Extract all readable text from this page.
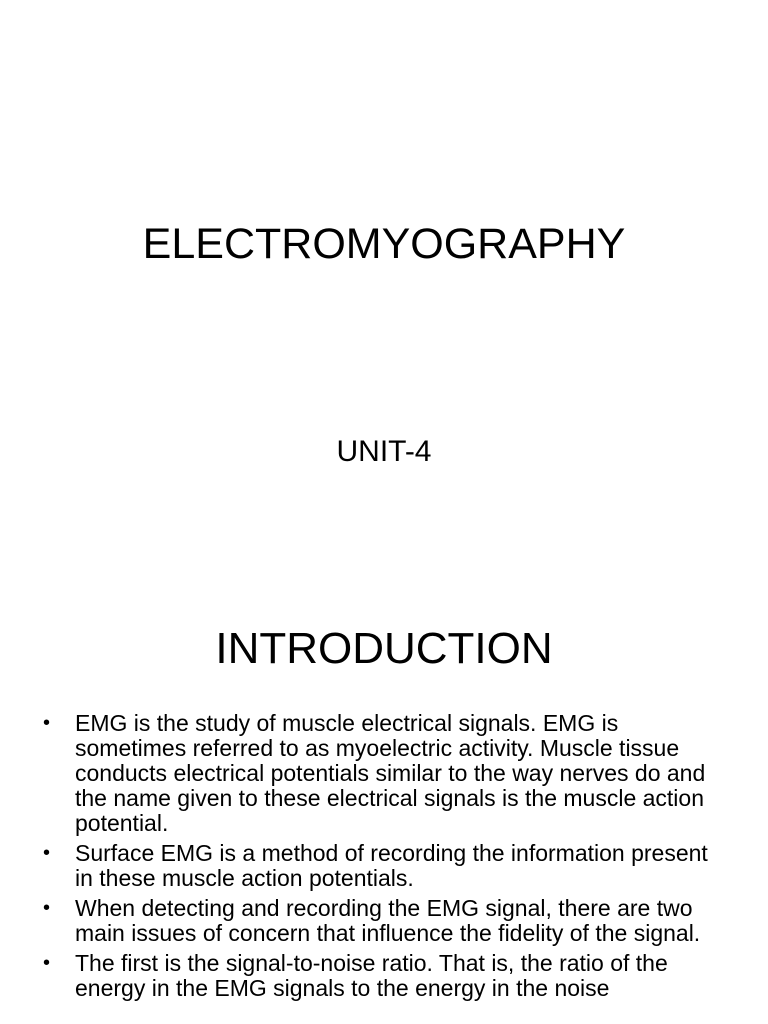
ELECTROMYOGRAPHY
UNIT-4
INTRODUCTION
• EMG is the study of muscle electrical signals. EMG is sometimes referred to as myoelectric activity. Muscle tissue conducts electrical potentials similar to the way nerves do and the name given to these electrical signals is the muscle action potential.
• Surface EMG is a method of recording the information present in these muscle action potentials.
• When detecting and recording the EMG signal, there are two main issues of concern that influence the fidelity of the signal.
• The first is the signal-to-noise ratio. That is, the ratio of the energy in the EMG signals to the energy in the noise
